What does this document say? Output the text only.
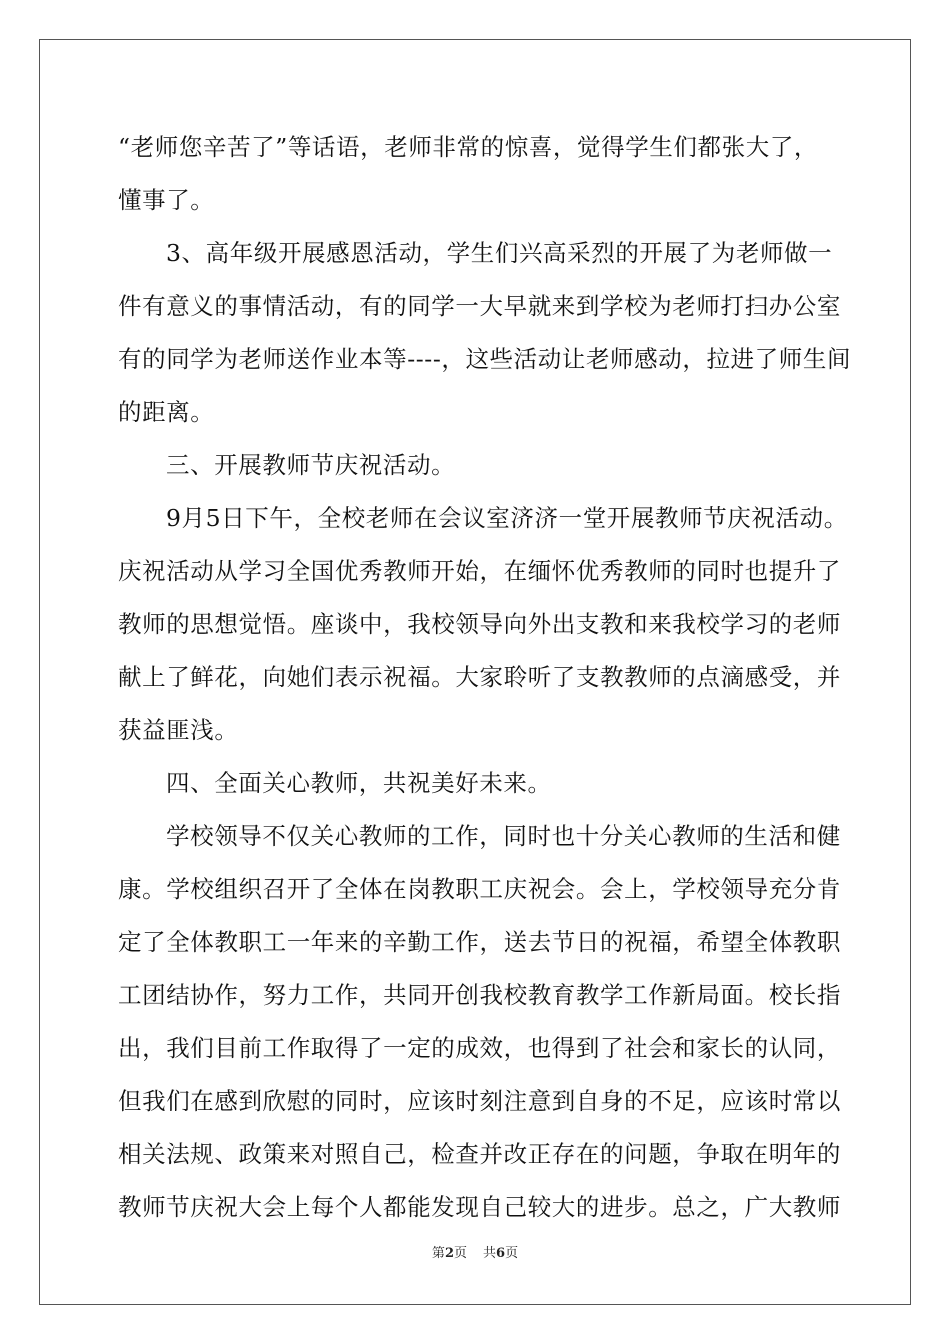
“老师您辛苦了”等话语，老师非常的惊喜，觉得学生们都张大了，
懂事了。
3、高年级开展感恩活动，学生们兴高采烈的开展了为老师做一
件有意义的事情活动，有的同学一大早就来到学校为老师打扫办公室
有的同学为老师送作业本等----，这些活动让老师感动，拉进了师生间
的距离。
三、开展教师节庆祝活动。
9月5日下午，全校老师在会议室济济一堂开展教师节庆祝活动。
庆祝活动从学习全国优秀教师开始，在缅怀优秀教师的同时也提升了
教师的思想觉悟。座谈中，我校领导向外出支教和来我校学习的老师
献上了鲜花，向她们表示祝福。大家聆听了支教教师的点滴感受，并
获益匪浅。
四、全面关心教师，共祝美好未来。
学校领导不仅关心教师的工作，同时也十分关心教师的生活和健
康。学校组织召开了全体在岗教职工庆祝会。会上，学校领导充分肯
定了全体教职工一年来的辛勤工作，送去节日的祝福，希望全体教职
工团结协作，努力工作，共同开创我校教育教学工作新局面。校长指
出，我们目前工作取得了一定的成效，也得到了社会和家长的认同，
但我们在感到欣慰的同时，应该时刻注意到自身的不足，应该时常以
相关法规、政策来对照自己，检查并改正存在的问题，争取在明年的
教师节庆祝大会上每个人都能发现自己较大的进步。总之，广大教师
第2页 共6页
